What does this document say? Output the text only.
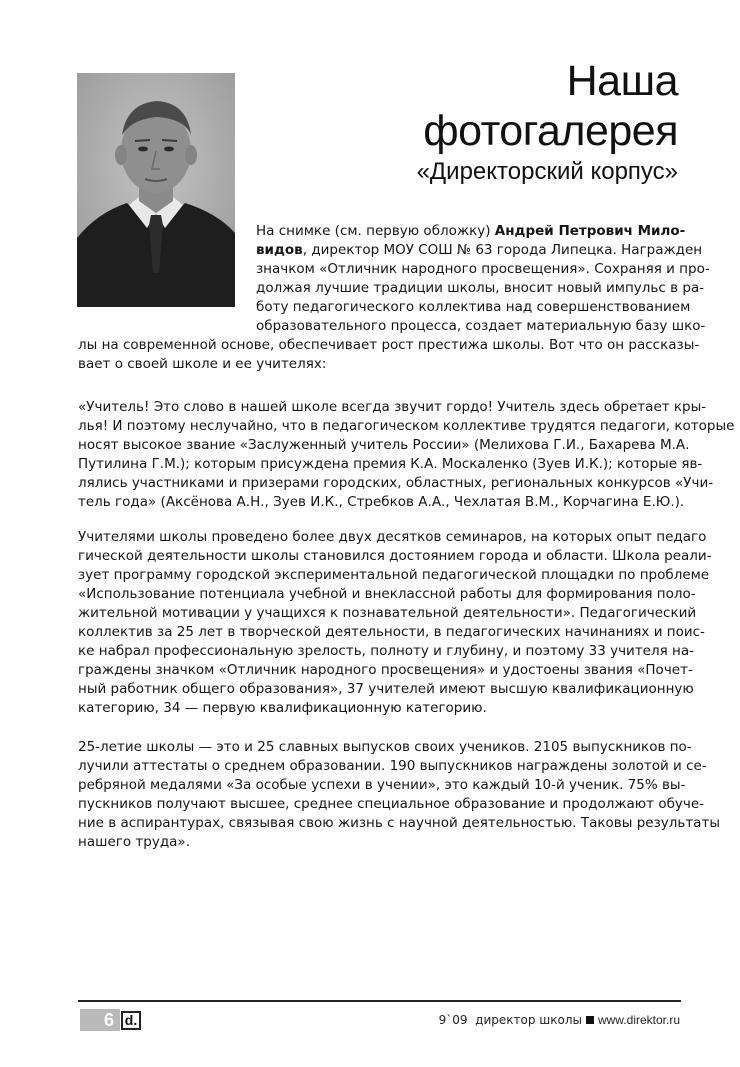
Наша
фотогалерея
«Директорский корпус»
На снимке (см. первую обложку) Андрей Петрович Мило-
видов, директор МОУ СОШ № 63 города Липецка. Награжден
значком «Отличник народного просвещения». Сохраняя и про-
должая лучшие традиции школы, вносит новый импульс в ра-
боту педагогического коллектива над совершенствованием
образовательного процесса, создает материальную базу шко-
лы на современной основе, обеспечивает рост престижа школы. Вот что он рассказы-
вает о своей школе и ее учителях:
«Учитель! Это слово в нашей школе всегда звучит гордо! Учитель здесь обретает кры-
лья! И поэтому неслучайно, что в педагогическом коллективе трудятся педагоги, которые
носят высокое звание «Заслуженный учитель России» (Мелихова Г.И., Бахарева М.А.
Путилина Г.М.); которым присуждена премия К.А. Москаленко (Зуев И.К.); которые яв-
лялись участниками и призерами городских, областных, региональных конкурсов «Учи-
тель года» (Аксёнова А.Н., Зуев И.К., Стребков А.А., Чехлатая В.М., Корчагина Е.Ю.).
Учителями школы проведено более двух десятков семинаров, на которых опыт педаго
гической деятельности школы становился достоянием города и области. Школа реали-
зует программу городской экспериментальной педагогической площадки по проблеме
«Использование потенциала учебной и внеклассной работы для формирования поло-
жительной мотивации у учащихся к познавательной деятельности». Педагогический
коллектив за 25 лет в творческой деятельности, в педагогических начинаниях и поис-
ке набрал профессиональную зрелость, полноту и глубину, и поэтому 33 учителя на-
граждены значком «Отличник народного просвещения» и удостоены звания «Почет-
ный работник общего образования», 37 учителей имеют высшую квалификационную
категорию, 34 — первую квалификационную категорию.
25-летие школы — это и 25 славных выпусков своих учеников. 2105 выпускников по-
лучили аттестаты о среднем образовании. 190 выпускников награждены золотой и се-
ребряной медалями «За особые успехи в учении», это каждый 10-й ученик. 75% вы-
пускников получают высшее, среднее специальное образование и продолжают обуче-
ние в аспирантурах, связывая свою жизнь с научной деятельностью. Таковы результаты
нашего труда».
6 d.	9`09 директор школы www.direktor.ru
